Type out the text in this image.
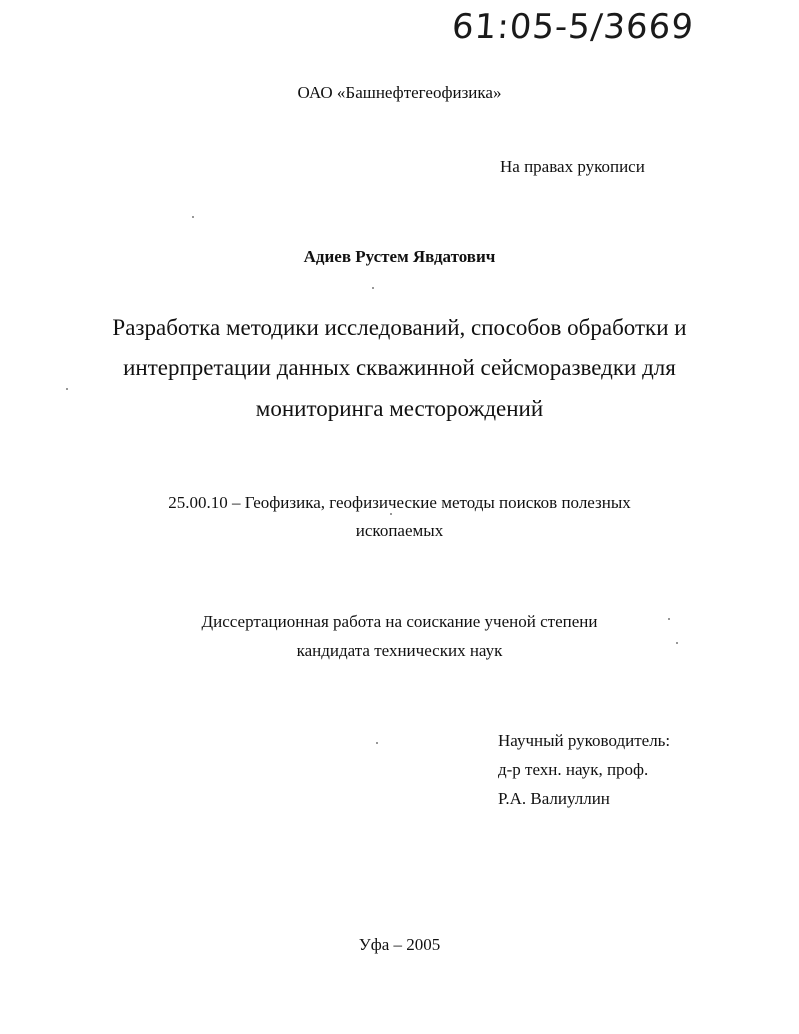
61:05-5/3669
ОАО «Башнефтегеофизика»
На правах рукописи
Адиев Рустем Явдатович
Разработка методики исследований, способов обработки и
интерпретации данных скважинной сейсморазведки для
мониторинга месторождений
25.00.10 – Геофизика, геофизические методы поисков полезных
ископаемых
Диссертационная работа на соискание ученой степени
кандидата технических наук
Научный руководитель:
д-р техн. наук, проф.
Р.А. Валиуллин
Уфа – 2005
